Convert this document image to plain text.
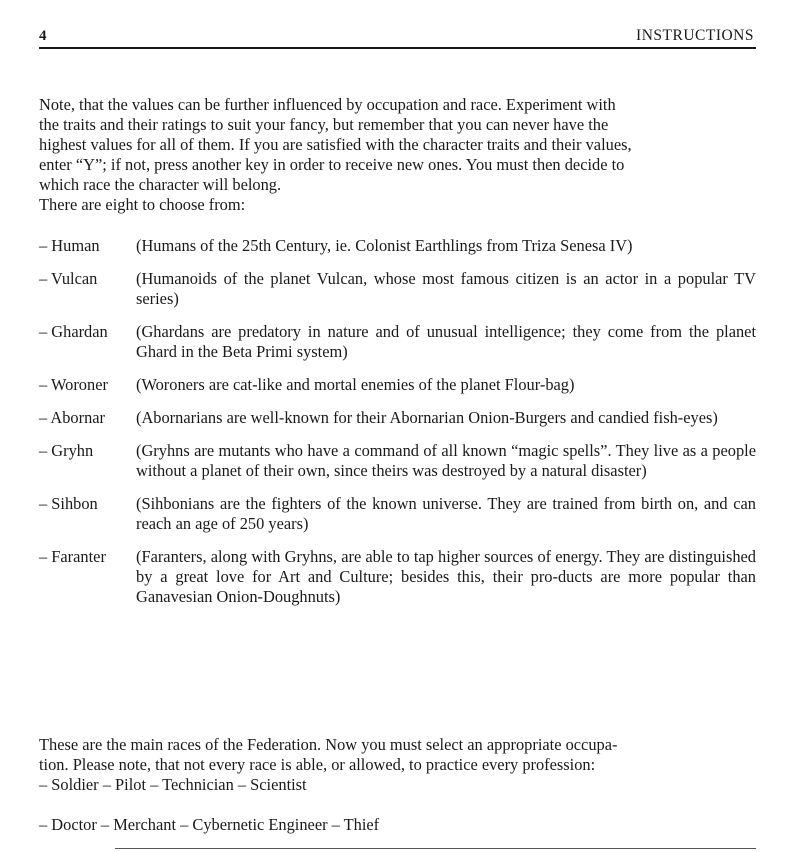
4	INSTRUCTIONS
Note, that the values can be further influenced by occupation and race. Experiment with
the traits and their ratings to suit your fancy, but remember that you can never have the
highest values for all of them. If you are satisfied with the character traits and their values,
enter “Y”; if not, press another key in order to receive new ones. You must then decide to
which race the character will belong.
There are eight to choose from:
– Human	(Humans of the 25th Century, ie. Colonist Earthlings from Triza Senesa IV)
– Vulcan	(Humanoids of the planet Vulcan, whose most famous citizen is an actor in a popular TV series)
– Ghardan	(Ghardans are predatory in nature and of unusual intelligence; they come from the planet Ghard in the Beta Primi system)
– Woroner	(Woroners are cat-like and mortal enemies of the planet Flour-bag)
– Abornar	(Abornarians are well-known for their Abornarian Onion-Burgers and candied fish-eyes)
– Gryhn	(Gryhns are mutants who have a command of all known “magic spells”. They live as a people without a planet of their own, since theirs was destroyed by a natural disaster)
– Sihbon	(Sihbonians are the fighters of the known universe. They are trained from birth on, and can reach an age of 250 years)
– Faranter	(Faranters, along with Gryhns, are able to tap higher sources of energy. They are distinguished by a great love for Art and Culture; besides this, their pro-ducts are more popular than Ganavesian Onion-Doughnuts)
These are the main races of the Federation. Now you must select an appropriate occupa-
tion. Please note, that not every race is able, or allowed, to practice every profession:
– Soldier – Pilot – Technician – Scientist
– Doctor – Merchant – Cybernetic Engineer – Thief
